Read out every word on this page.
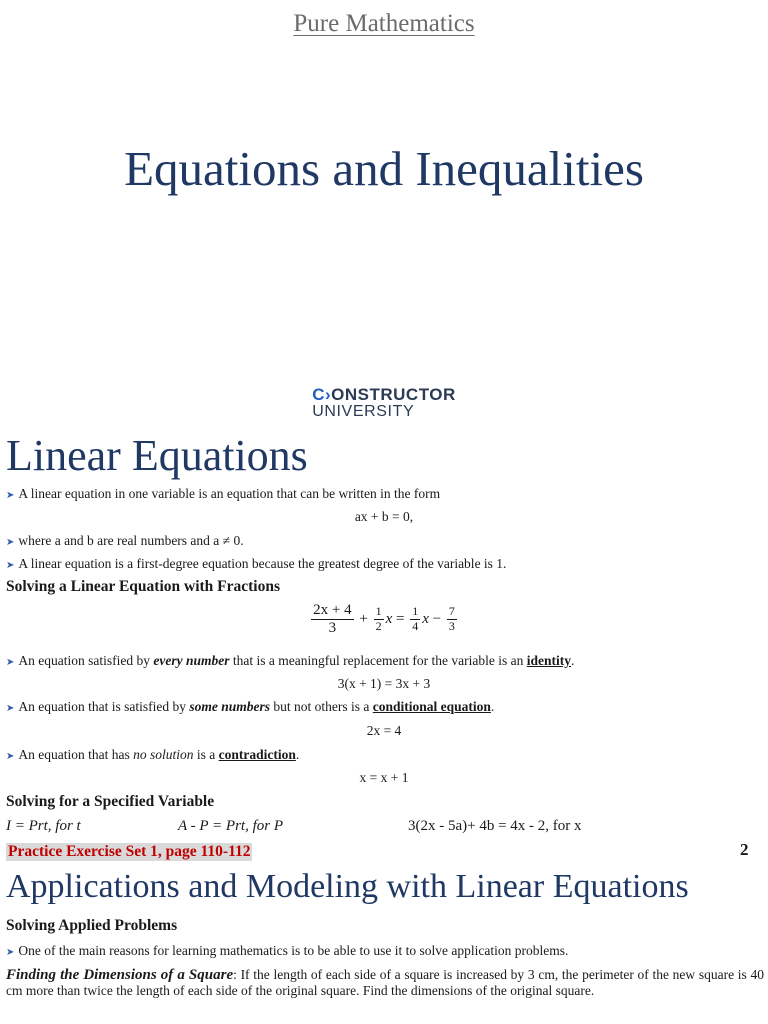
Pure Mathematics
Equations and Inequalities
C› ONSTRUCTOR
UNIVERSITY
Linear Equations
➤ A linear equation in one variable is an equation that can be written in the form
ax + b = 0,
➤ where a and b are real numbers and a ≠ 0.
➤ A linear equation is a first-degree equation because the greatest degree of the variable is 1.
Solving a Linear Equation with Fractions
$\frac{2x + 4}{3} + \frac{1}{2}$ $x = \frac{1}{4}$ $x - \frac{7}{3}$
➤ An equation satisfied by every number that is a meaningful replacement for the variable is an identity.
3(x + 1) = 3x + 3
➤ An equation that is satisfied by some numbers but not others is a conditional equation.
2x = 4
➤ An equation that has no solution is a contradiction.
x = x + 1
Solving for a Specified Variable
I = Prt, for t	A - P = Prt, for P	3(2x - 5a)+ 4b = 4x - 2, for x
Practice Exercise Set 1, page 110-112	2
Applications and Modeling with Linear Equations
Solving Applied Problems
➤ One of the main reasons for learning mathematics is to be able to use it to solve application problems.
Finding the Dimensions of a Square: If the length of each side of a square is increased by 3 cm, the perimeter of the new square is 40 cm more than twice the length of each side of the original square. Find the dimensions of the original square.
